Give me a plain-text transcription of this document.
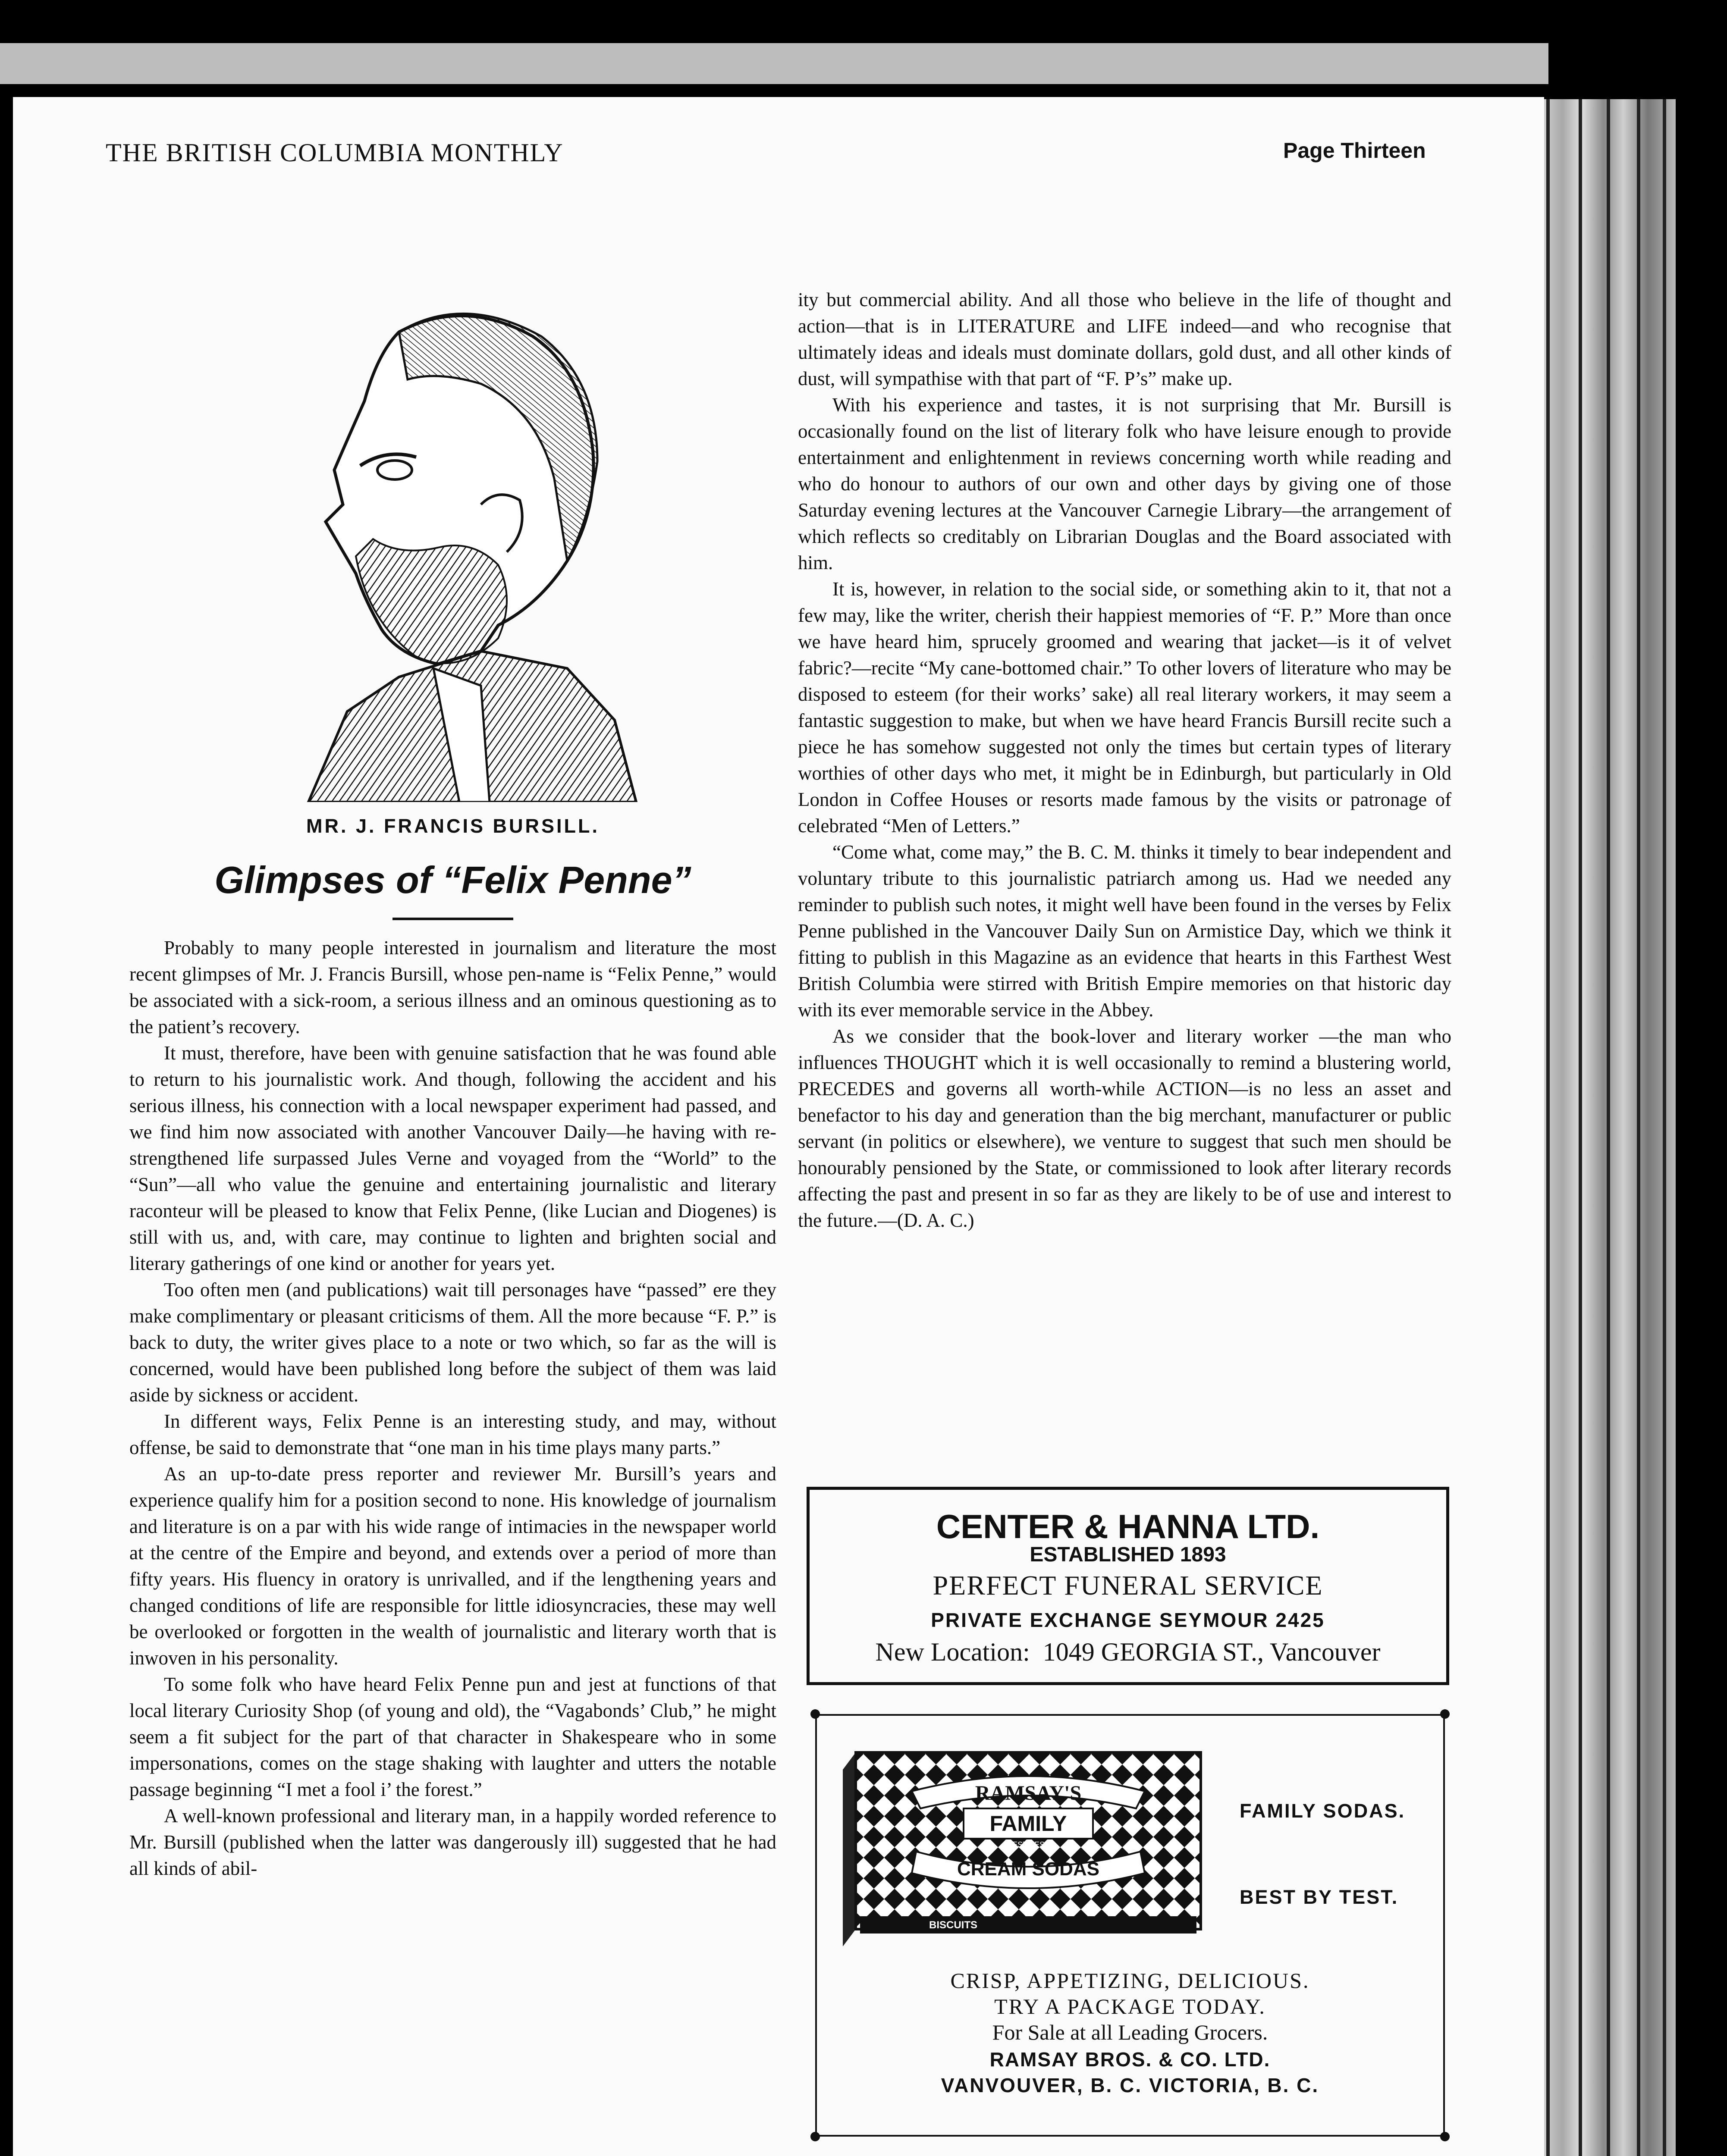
THE BRITISH COLUMBIA MONTHLY	Page Thirteen
MR. J. FRANCIS BURSILL.
Glimpses of “Felix Penne”

Probably to many people interested in journalism and literature the most recent glimpses of Mr. J. Francis Bursill, whose pen-name is “Felix Penne,” would be associated with a sick-room, a serious illness and an ominous questioning as to the patient’s recovery.

It must, therefore, have been with genuine satisfaction that he was found able to return to his journalistic work. And though, following the accident and his serious illness, his connection with a local newspaper experiment had passed, and we find him now associated with another Vancouver Daily—he having with re-strengthened life surpassed Jules Verne and voyaged from the “World” to the “Sun”—all who value the genuine and entertaining journalistic and literary raconteur will be pleased to know that Felix Penne, (like Lucian and Diogenes) is still with us, and, with care, may continue to lighten and brighten social and literary gatherings of one kind or another for years yet.

Too often men (and publications) wait till personages have “passed” ere they make complimentary or pleasant criticisms of them. All the more because “F. P.” is back to duty, the writer gives place to a note or two which, so far as the will is concerned, would have been published long before the subject of them was laid aside by sickness or accident.

In different ways, Felix Penne is an interesting study, and may, without offense, be said to demonstrate that “one man in his time plays many parts.”

As an up-to-date press reporter and reviewer Mr. Bursill’s years and experience qualify him for a position second to none. His knowledge of journalism and literature is on a par with his wide range of intimacies in the newspaper world at the centre of the Empire and beyond, and extends over a period of more than fifty years. His fluency in oratory is unrivalled, and if the lengthening years and changed conditions of life are responsible for little idiosyncracies, these may well be overlooked or forgotten in the wealth of journalistic and literary worth that is inwoven in his personality.

To some folk who have heard Felix Penne pun and jest at functions of that local literary Curiosity Shop (of young and old), the “Vagabonds’ Club,” he might seem a fit subject for the part of that character in Shakespeare who in some impersonations, comes on the stage shaking with laughter and utters the notable passage beginning “I met a fool i’ the forest.”

A well-known professional and literary man, in a happily worded reference to Mr. Bursill (published when the latter was dangerously ill) suggested that he had all kinds of abil-

ity but commercial ability. And all those who believe in the life of thought and action—that is in LITERATURE and LIFE indeed—and who recognise that ultimately ideas and ideals must dominate dollars, gold dust, and all other kinds of dust, will sympathise with that part of “F. P’s” make up.

With his experience and tastes, it is not surprising that Mr. Bursill is occasionally found on the list of literary folk who have leisure enough to provide entertainment and enlightenment in reviews concerning worth while reading and who do honour to authors of our own and other days by giving one of those Saturday evening lectures at the Vancouver Carnegie Library—the arrangement of which reflects so creditably on Librarian Douglas and the Board associated with him.

It is, however, in relation to the social side, or something akin to it, that not a few may, like the writer, cherish their happiest memories of “F. P.” More than once we have heard him, sprucely groomed and wearing that jacket—is it of velvet fabric?—recite “My cane-bottomed chair.” To other lovers of literature who may be disposed to esteem (for their works’ sake) all real literary workers, it may seem a fantastic suggestion to make, but when we have heard Francis Bursill recite such a piece he has somehow suggested not only the times but certain types of literary worthies of other days who met, it might be in Edinburgh, but particularly in Old London in Coffee Houses or resorts made famous by the visits or patronage of celebrated “Men of Letters.”

“Come what, come may,” the B. C. M. thinks it timely to bear independent and voluntary tribute to this journalistic patriarch among us. Had we needed any reminder to publish such notes, it might well have been found in the verses by Felix Penne published in the Vancouver Daily Sun on Armistice Day, which we think it fitting to publish in this Magazine as an evidence that hearts in this Farthest West British Columbia were stirred with British Empire memories on that historic day with its ever memorable service in the Abbey.

As we consider that the book-lover and literary worker —the man who influences THOUGHT which it is well occasionally to remind a blustering world, PRECEDES and governs all worth-while ACTION—is no less an asset and benefactor to his day and generation than the big merchant, manufacturer or public servant (in politics or elsewhere), we venture to suggest that such men should be honourably pensioned by the State, or commissioned to look after literary records affecting the past and present in so far as they are likely to be of use and interest to the future.—(D. A. C.)

CENTER & HANNA LTD.
ESTABLISHED 1893
PERFECT FUNERAL SERVICE
PRIVATE EXCHANGE SEYMOUR 2425
New Location: 1049 GEORGIA ST., Vancouver
RAMSAY'S
FAMILY
BEST-TEST
CREAM SODAS
BISCUITS
FAMILY SODAS.
BEST BY TEST.
CRISP, APPETIZING, DELICIOUS.
TRY A PACKAGE TODAY.
For Sale at all Leading Grocers.
RAMSAY BROS. & CO. LTD.
VANVOUVER, B. C. VICTORIA, B. C.
